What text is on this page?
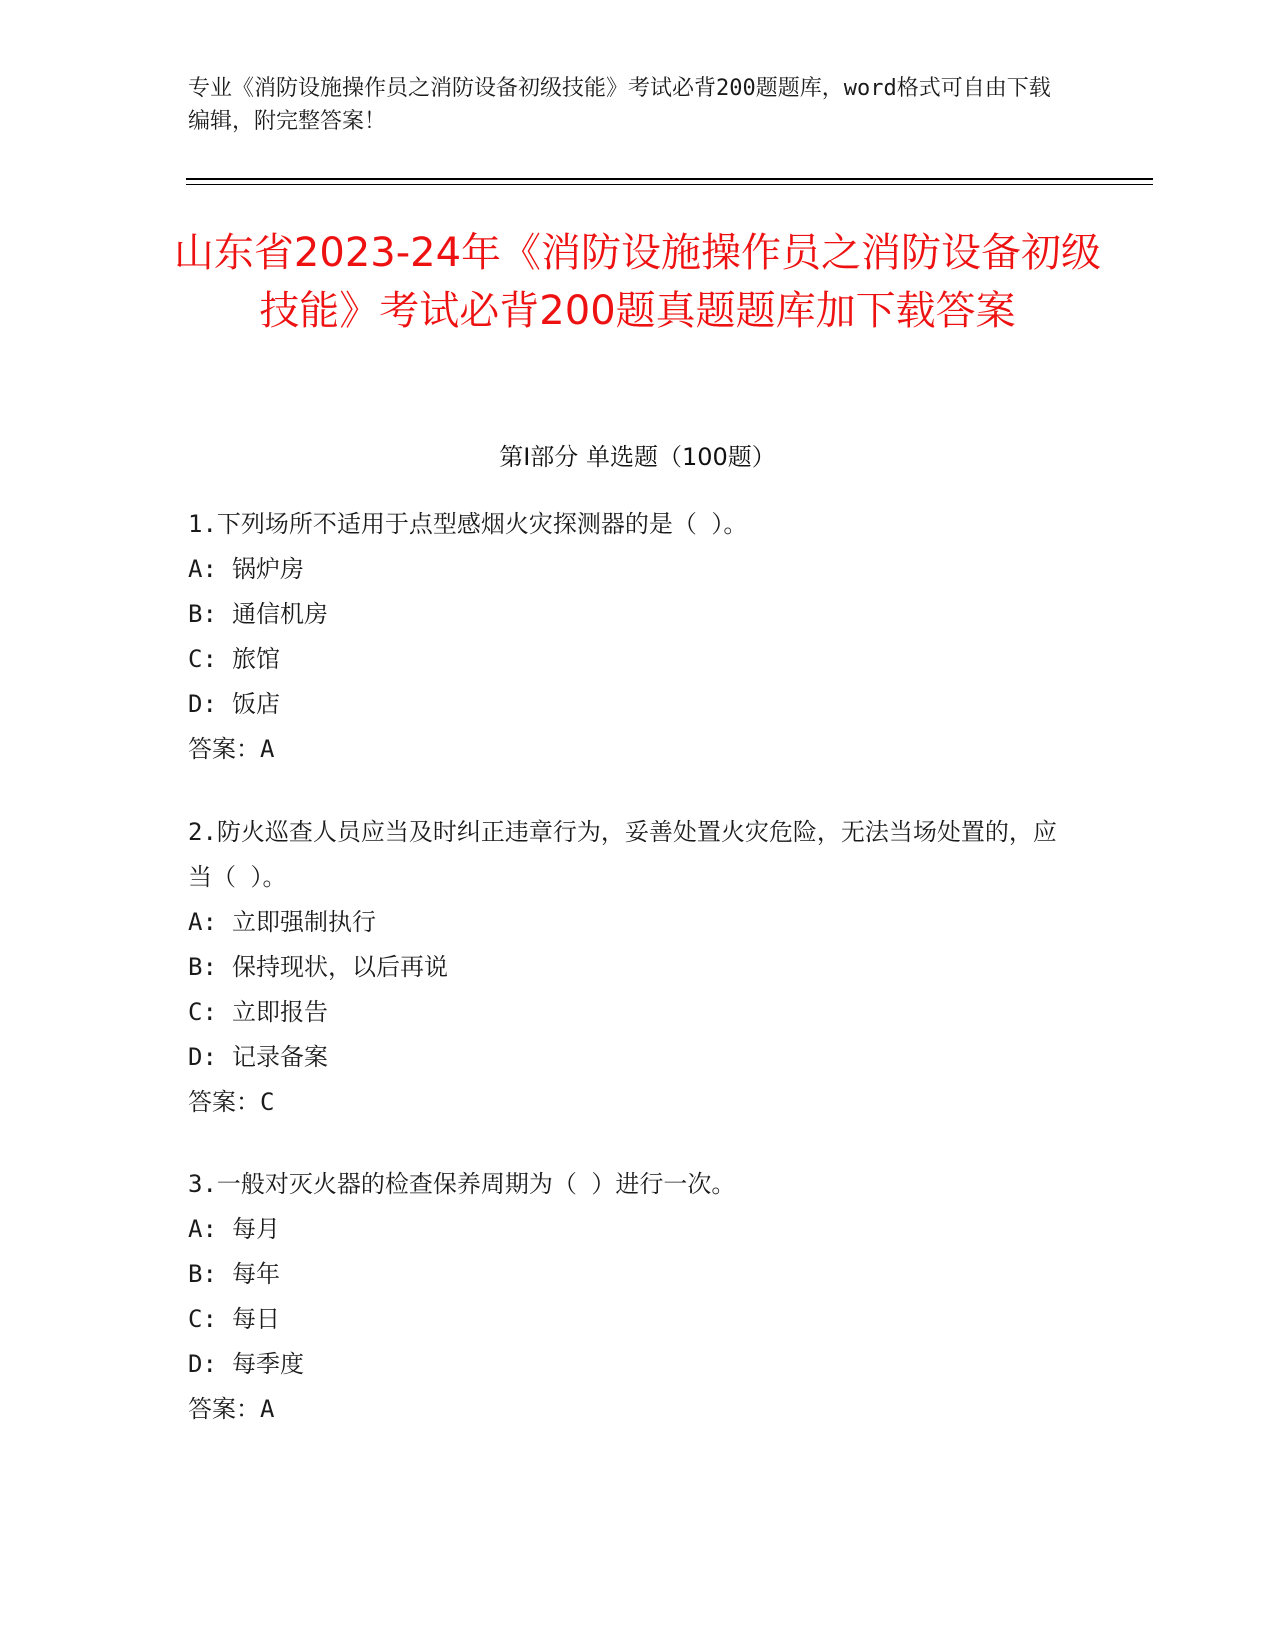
专业《消防设施操作员之消防设备初级技能》考试必背200题题库，word格式可自由下载编辑，附完整答案！
山东省2023-24年《消防设施操作员之消防设备初级技能》考试必背200题真题题库加下载答案
第I部分 单选题（100题）
1.下列场所不适用于点型感烟火灾探测器的是（ ）。
A: 锅炉房
B: 通信机房
C: 旅馆
D: 饭店
答案：A
2.防火巡查人员应当及时纠正违章行为，妥善处置火灾危险，无法当场处置的，应当（ ）。
A: 立即强制执行
B: 保持现状，以后再说
C: 立即报告
D: 记录备案
答案：C
3.一般对灭火器的检查保养周期为（ ）进行一次。
A: 每月
B: 每年
C: 每日
D: 每季度
答案：A
